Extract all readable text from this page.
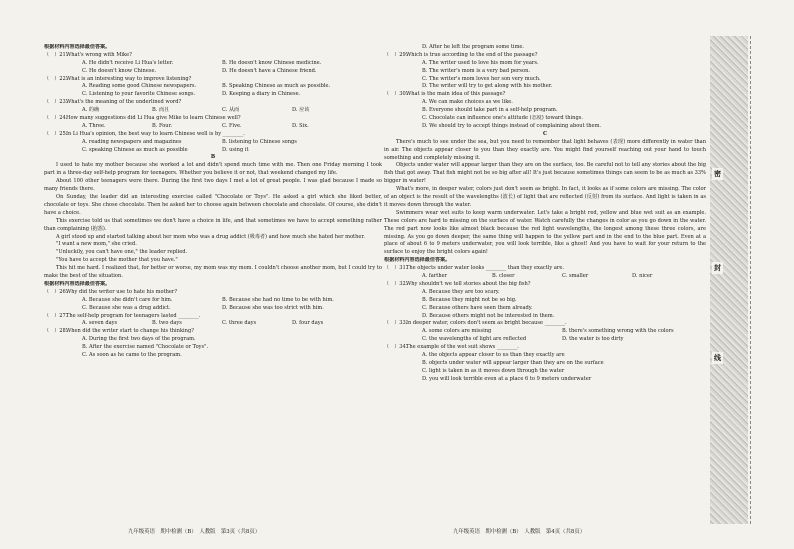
根据材料内容选择最佳答案。
（　）21.
What's wrong with Mike?
A. He didn't receive Li Hua's letter.	B. He doesn't know Chinese medicine.
C. He doesn't know Chinese.	D. He doesn't have a Chinese friend.
（　）22.
What is an interesting way to improve listening?
A. Reading some good Chinese newspapers.	B. Speaking Chinese as much as possible.
C. Listening to your favorite Chinese songs.	D. Keeping a diary in Chinese.
（　）23.
What's the meaning of the underlined word?
A. 的确	B. 而且	C. 从而	D. 应该
（　）24.
How many suggestions did Li Hua give Mike to learn Chinese well?
A. Three.	B. Four.	C. Five.	D. Six.
（　）25.
In Li Hua's opinion, the best way to learn Chinese well is by ________.
A. reading newspapers and magazines	B. listening to Chinese songs
C. speaking Chinese as much as possible	D. using it
B
I used to hate my mother because she worked a lot and didn't spend much time with me. Then one Friday morning I took part in a three-day self-help program for teenagers. Whether you believe it or not, that weekend changed my life.
About 100 other teenagers were there. During the first two days I met a lot of great people. I was glad because I made so many friends there.
On Sunday, the leader did an interesting exercise called "Chocolate or Toys". He asked a girl which she liked better, chocolate or toys. She chose chocolate. Then he asked her to choose again between chocolate and chocolate. Of course, she didn't have a choice.
This exercise told us that sometimes we don't have a choice in life, and that sometimes we have to accept something rather than complaining (抱怨).
A girl stood up and started talking about her mom who was a drug addict (吸毒者) and how much she hated her mother.
"I want a new mom," she cried.
"Unluckily, you can't have one," the leader replied.
"You have to accept the mother that you have."
This hit me hard. I realized that, for better or worse, my mom was my mom. I couldn't choose another mom, but I could try to make the best of the situation.
根据材料内容选择最佳答案。
（　）26.
Why did the writer use to hate his mother?
A. Because she didn't care for him.	B. Because she had no time to be with him.
C. Because she was a drug addict.	D. Because she was too strict with him.
（　）27.
The self-help program for teenagers lasted ________.
A. seven days	B. two days	C. three days	D. four days
（　）28.
When did the writer start to change his thinking?
A. During the first two days of the program.
B. After the exercise named "Chocolate or Toys".
C. As soon as he came to the program.
D. After he left the program some time.
（　）29.
Which is true according to the end of the passage?
A. The writer used to love his mom for years.
B. The writer's mom is a very bad person.
C. The writer's mom loves her son very much.
D. The writer will try to get along with his mother.
（　）30.
What is the main idea of this passage?
A. We can make choices as we like.
B. Everyone should take part in a self-help program.
C. Chocolate can influence one's attitude (态度) toward things.
D. We should try to accept things instead of complaining about them.
C
There's much to see under the sea, but you need to remember that light behaves (表现) more differently in water than in air. The objects appear closer to you than they exactly are. You might find yourself reaching out your hand to touch something and completely missing it.
Objects under water will appear larger than they are on the surface, too. Be careful not to tell any stories about the big fish that got away. That fish might not be so big after all! It's just because sometimes things can seem to be as much as 33% bigger in water!
What's more, in deeper water, colors just don't seem as bright. In fact, it looks as if some colors are missing. The color of an object is the result of the wavelengths (波长) of light that are reflected (反射) from its surface. And light is taken in as it moves down through the water.
Swimmers wear wet suits to keep warm underwater. Let's take a bright red, yellow and blue wet suit as an example. These colors are hard to missing on the surface of water. Watch carefully the changes in color as you go down in the water. The red part now looks like almost black because the red light wavelengths, the longest among these three colors, are missing. As you go down deeper, the same thing will happen to the yellow part and in the end to the blue part. Even at a place of about 6 to 9 meters underwater, you will look terrible, like a ghost! And you have to wait for your return to the surface to enjoy the bright colors again!
根据材料内容选择最佳答案。
（　）31.
The objects under water looks ________ than they exactly are.
A. farther	B. closer	C. smaller	D. nicer
（　）32.
Why shouldn't we tell stories about the big fish?
A. Because they are too scary.
B. Because they might not be so big.
C. Because others have seen them already.
D. Because others might not be interested in them.
（　）33.
In deeper water, colors don't seem as bright because ________.
A. some colors are missing	B. there's something wrong with the colors
C. the wavelengths of light are reflected	D. the water is too dirty
（　）34.
The example of the wet suit shows ________.
A. the objects appear closer to us than they exactly are
B. objects under water will appear larger than they are on the surface
C. light is taken in as it moves down through the water
D. you will look terrible even at a place 6 to 9 meters underwater
密
封
线
九年级英语　期中检测（B）　人教版　第3页（共8页）	九年级英语　期中检测（B）　人教版　第4页（共8页）
